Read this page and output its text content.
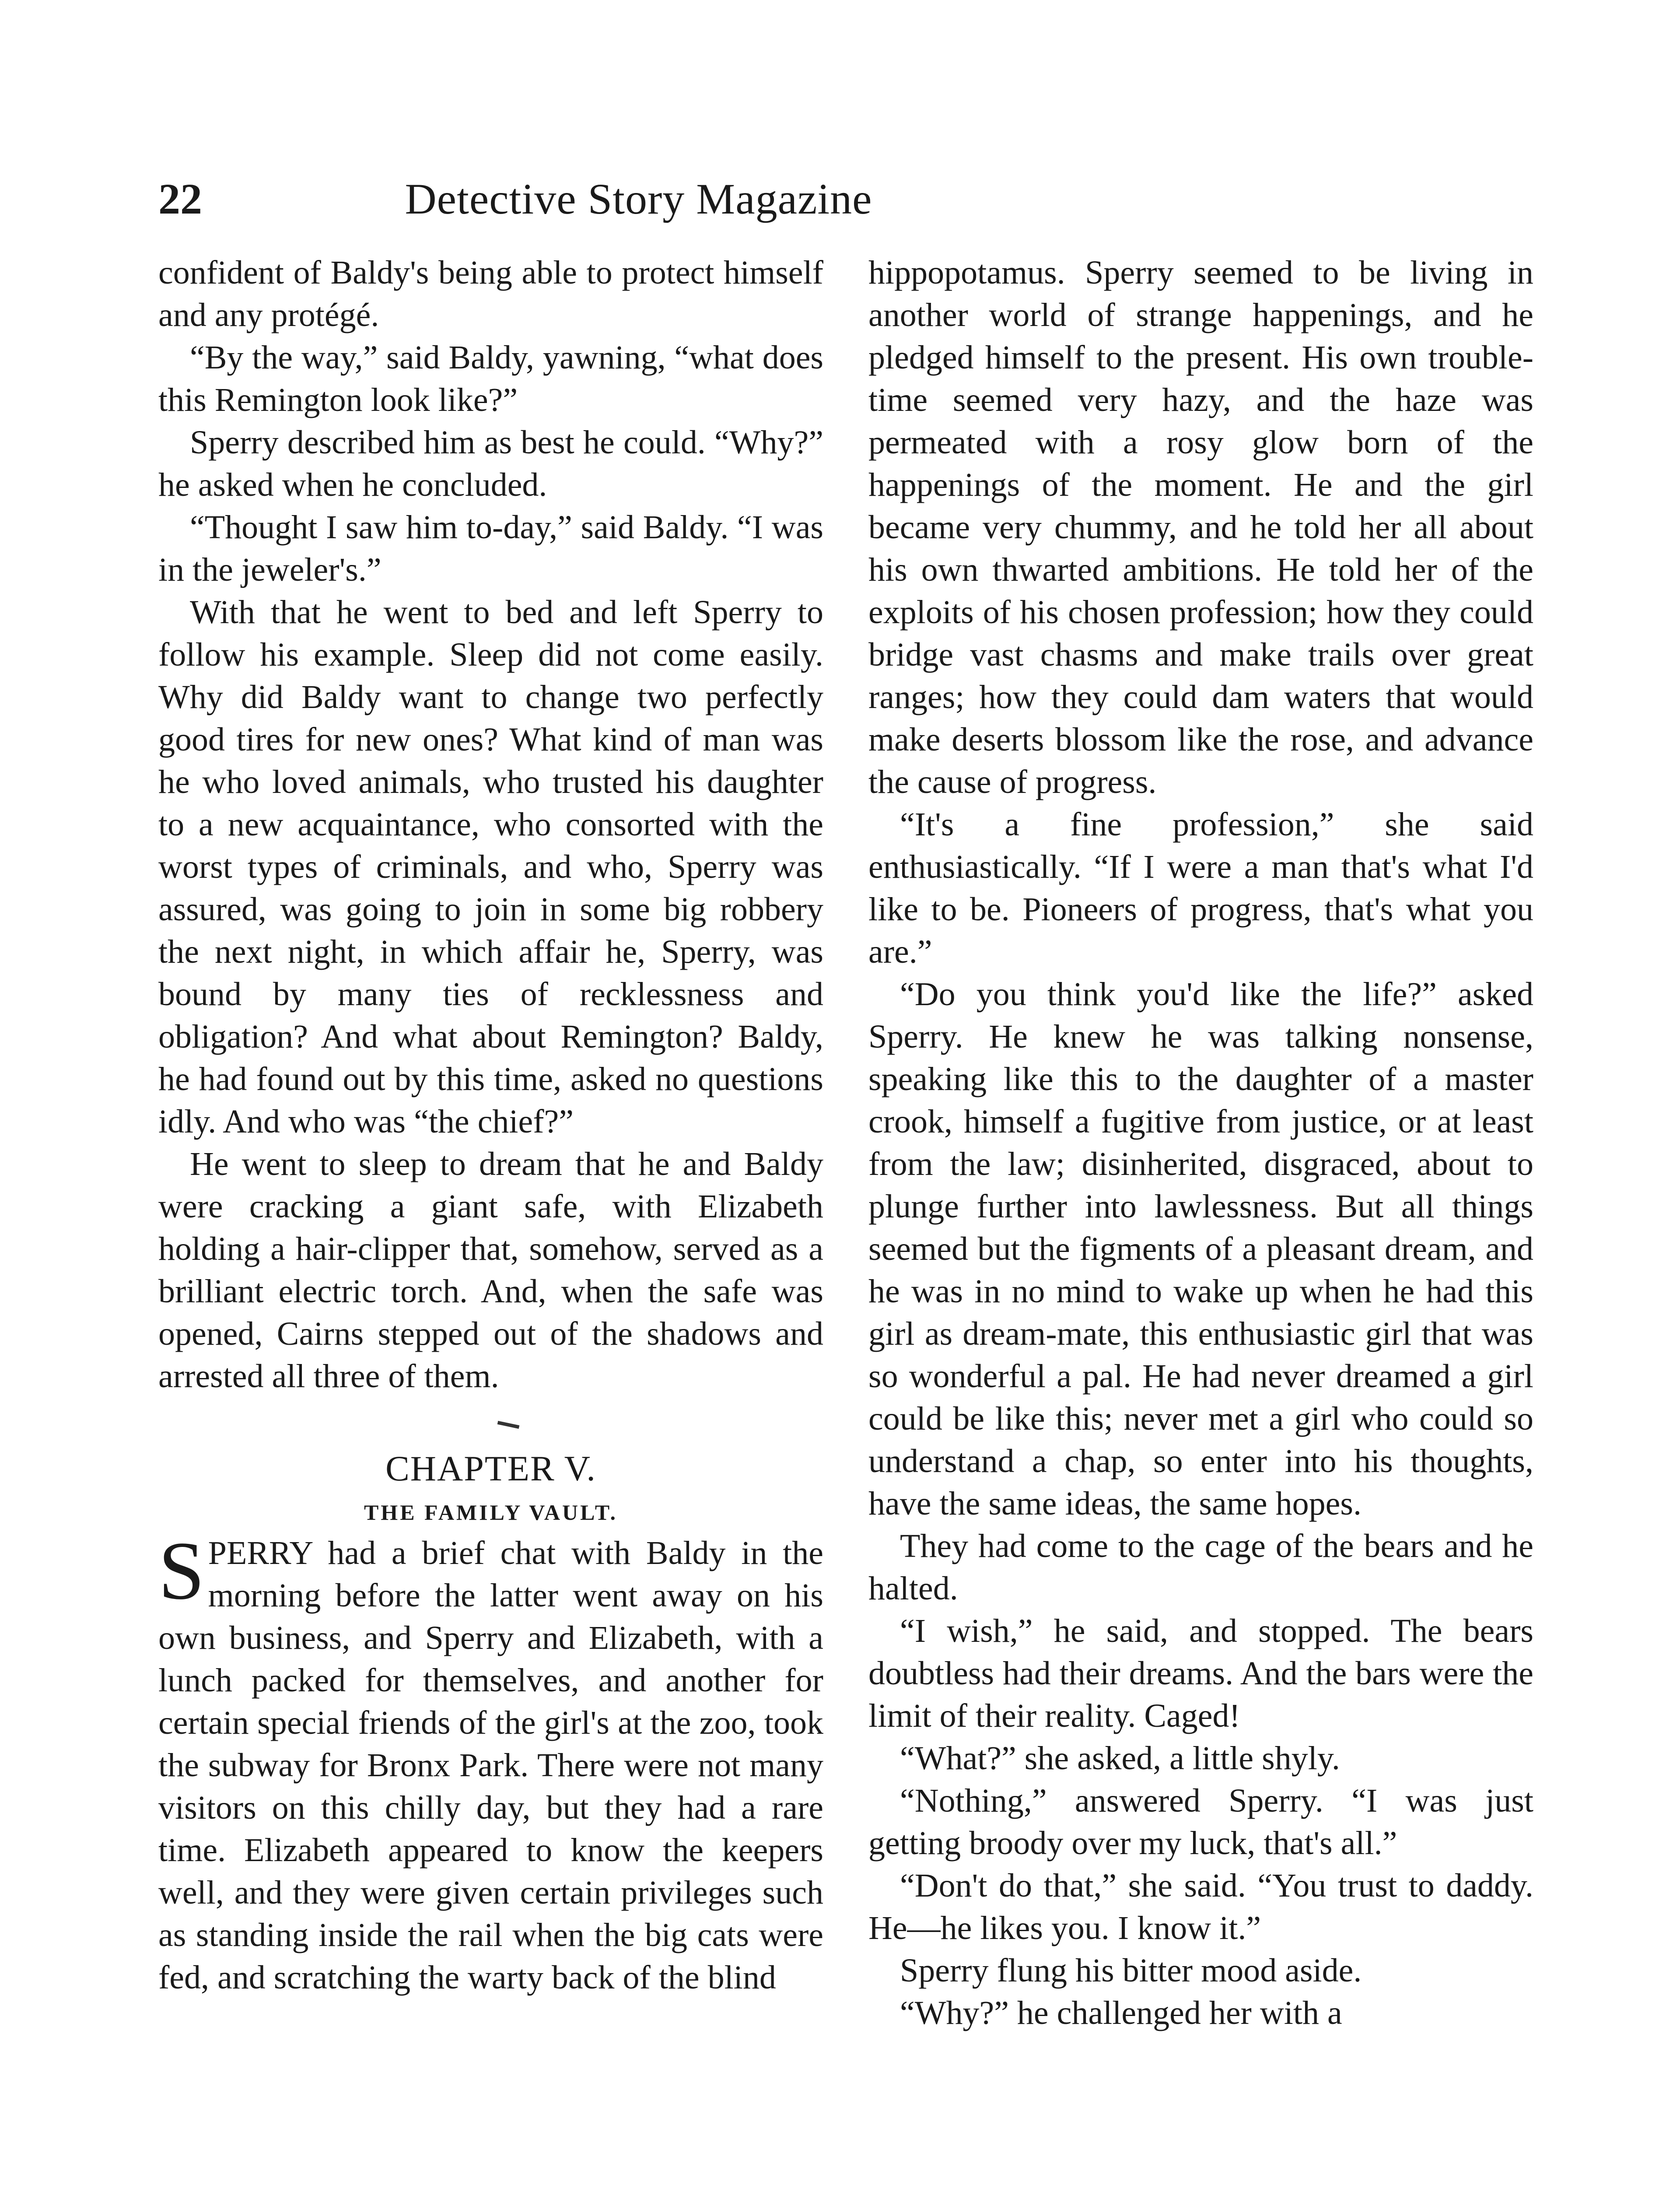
22	Detective Story Magazine

confident of Baldy's being able to protect himself and any protégé.

“By the way,” said Baldy, yawning, “what does this Remington look like?”

Sperry described him as best he could. “Why?” he asked when he concluded.

“Thought I saw him to-day,” said Baldy. “I was in the jeweler's.”

With that he went to bed and left Sperry to follow his example. Sleep did not come easily. Why did Baldy want to change two perfectly good tires for new ones? What kind of man was he who loved animals, who trusted his daughter to a new acquaintance, who consorted with the worst types of criminals, and who, Sperry was assured, was going to join in some big robbery the next night, in which affair he, Sperry, was bound by many ties of recklessness and obligation? And what about Remington? Baldy, he had found out by this time, asked no questions idly. And who was “the chief?”

He went to sleep to dream that he and Baldy were cracking a giant safe, with Elizabeth holding a hair-clipper that, somehow, served as a brilliant electric torch. And, when the safe was opened, Cairns stepped out of the shadows and arrested all three of them.

CHAPTER V.

THE FAMILY VAULT.

SPERRY had a brief chat with Baldy in the morning before the latter went away on his own business, and Sperry and Elizabeth, with a lunch packed for themselves, and another for certain special friends of the girl's at the zoo, took the subway for Bronx Park. There were not many visitors on this chilly day, but they had a rare time. Elizabeth appeared to know the keepers well, and they were given certain privileges such as standing inside the rail when the big cats were fed, and scratching the warty back of the blind

hippopotamus. Sperry seemed to be living in another world of strange happenings, and he pledged himself to the present. His own trouble-time seemed very hazy, and the haze was permeated with a rosy glow born of the happenings of the moment. He and the girl became very chummy, and he told her all about his own thwarted ambitions. He told her of the exploits of his chosen profession; how they could bridge vast chasms and make trails over great ranges; how they could dam waters that would make deserts blossom like the rose, and advance the cause of progress.

“It's a fine profession,” she said enthusiastically. “If I were a man that's what I'd like to be. Pioneers of progress, that's what you are.”

“Do you think you'd like the life?” asked Sperry. He knew he was talking nonsense, speaking like this to the daughter of a master crook, himself a fugitive from justice, or at least from the law; disinherited, disgraced, about to plunge further into lawlessness. But all things seemed but the figments of a pleasant dream, and he was in no mind to wake up when he had this girl as dream-mate, this enthusiastic girl that was so wonderful a pal. He had never dreamed a girl could be like this; never met a girl who could so understand a chap, so enter into his thoughts, have the same ideas, the same hopes.

They had come to the cage of the bears and he halted.

“I wish,” he said, and stopped. The bears doubtless had their dreams. And the bars were the limit of their reality. Caged!

“What?” she asked, a little shyly.

“Nothing,” answered Sperry. “I was just getting broody over my luck, that's all.”

“Don't do that,” she said. “You trust to daddy. He—he likes you. I know it.”

Sperry flung his bitter mood aside.

“Why?” he challenged her with a
